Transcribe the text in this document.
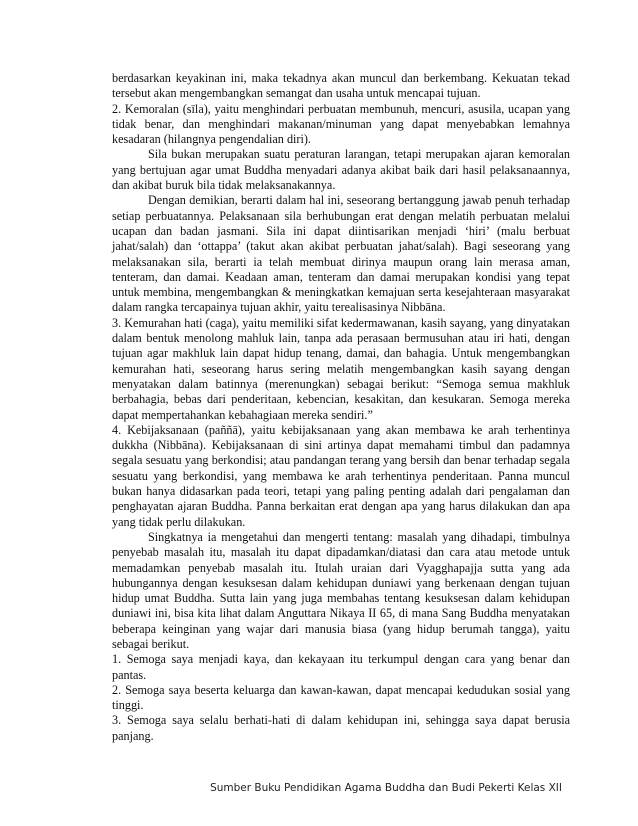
berdasarkan keyakinan ini, maka tekadnya akan muncul dan berkembang. Kekuatan tekad tersebut akan mengembangkan semangat dan usaha untuk mencapai tujuan.

2. Kemoralan (sīla), yaitu menghindari perbuatan membunuh, mencuri, asusila, ucapan yang tidak benar, dan menghindari makanan/minuman yang dapat menyebabkan lemahnya kesadaran (hilangnya pengendalian diri).

Sila bukan merupakan suatu peraturan larangan, tetapi merupakan ajaran kemoralan yang bertujuan agar umat Buddha menyadari adanya akibat baik dari hasil pelaksanaannya, dan akibat buruk bila tidak melaksanakannya.

Dengan demikian, berarti dalam hal ini, seseorang bertanggung jawab penuh terhadap setiap perbuatannya. Pelaksanaan sila berhubungan erat dengan melatih perbuatan melalui ucapan dan badan jasmani. Sila ini dapat diintisarikan menjadi ‘hiri’ (malu berbuat jahat/salah) dan ‘ottappa’ (takut akan akibat perbuatan jahat/salah). Bagi seseorang yang melaksanakan sila, berarti ia telah membuat dirinya maupun orang lain merasa aman, tenteram, dan damai. Keadaan aman, tenteram dan damai merupakan kondisi yang tepat untuk membina, mengembangkan & meningkatkan kemajuan serta kesejahteraan masyarakat dalam rangka tercapainya tujuan akhir, yaitu terealisasinya Nibbāna.

3. Kemurahan hati (caga), yaitu memiliki sifat kedermawanan, kasih sayang, yang dinyatakan dalam bentuk menolong mahluk lain, tanpa ada perasaan bermusuhan atau iri hati, dengan tujuan agar makhluk lain dapat hidup tenang, damai, dan bahagia. Untuk mengembangkan kemurahan hati, seseorang harus sering melatih mengembangkan kasih sayang dengan menyatakan dalam batinnya (merenungkan) sebagai berikut: “Semoga semua makhluk berbahagia, bebas dari penderitaan, kebencian, kesakitan, dan kesukaran. Semoga mereka dapat mempertahankan kebahagiaan mereka sendiri.”

4. Kebijaksanaan (paññā), yaitu kebijaksanaan yang akan membawa ke arah terhentinya dukkha (Nibbāna). Kebijaksanaan di sini artinya dapat memahami timbul dan padamnya segala sesuatu yang berkondisi; atau pandangan terang yang bersih dan benar terhadap segala sesuatu yang berkondisi, yang membawa ke arah terhentinya penderitaan. Panna muncul bukan hanya didasarkan pada teori, tetapi yang paling penting adalah dari pengalaman dan penghayatan ajaran Buddha. Panna berkaitan erat dengan apa yang harus dilakukan dan apa yang tidak perlu dilakukan.

Singkatnya ia mengetahui dan mengerti tentang: masalah yang dihadapi, timbulnya penyebab masalah itu, masalah itu dapat dipadamkan/diatasi dan cara atau metode untuk memadamkan penyebab masalah itu. Itulah uraian dari Vyagghapajja sutta yang ada hubungannya dengan kesuksesan dalam kehidupan duniawi yang berkenaan dengan tujuan hidup umat Buddha. Sutta lain yang juga membahas tentang kesuksesan dalam kehidupan duniawi ini, bisa kita lihat dalam Anguttara Nikaya II 65, di mana Sang Buddha menyatakan beberapa keinginan yang wajar dari manusia biasa (yang hidup berumah tangga), yaitu sebagai berikut.

1. Semoga saya menjadi kaya, dan kekayaan itu terkumpul dengan cara yang benar dan pantas.

2. Semoga saya beserta keluarga dan kawan-kawan, dapat mencapai kedudukan sosial yang tinggi.

3. Semoga saya selalu berhati-hati di dalam kehidupan ini, sehingga saya dapat berusia panjang.

Sumber Buku Pendidikan Agama Buddha dan Budi Pekerti Kelas XII
